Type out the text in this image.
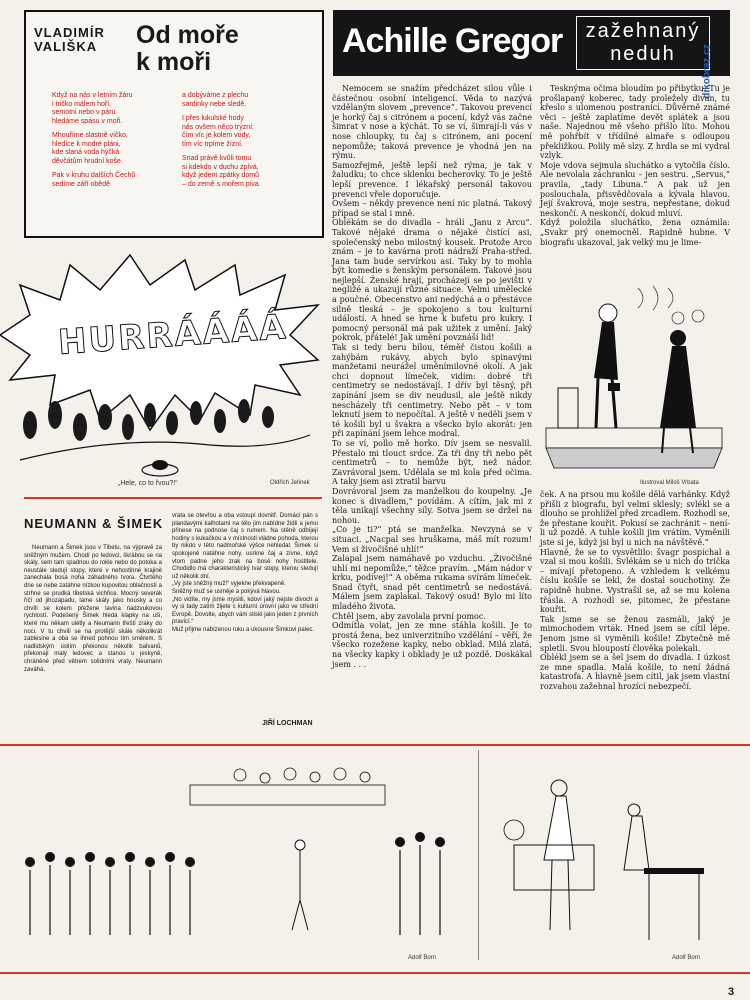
VLADIMÍR
VALIŠKA	Od moře
k moři

Když na nás v letním žáru
i tričko málem hoří,
semotni nebo v páru
hledáme spásu v moři.

Mhouříme slastně víčko,
hledíce k modré pláni,
kde slaná voda hýčká
děvčátům hrudní koše.

Pak v kruhu dalších Čechů
sedíme září obědě

a dobýváme z plechu
sardinky nebe sledě.

I přes lukulské hody
nás ovšem něco trýzní:
čím víc je kolem vody,
tím víc trpíme žízní.

Snad právě kvůli tomu
si kdekdo v duchu zpívá,
když jedem zpátky domů
– do země s mořem piva.

HURRÁÁÁÁ
„Hele, co to řvou?!“	Oldřich Jelínek
NEUMANN & ŠIMEK
Neumann a Šimek jsou v Tibetu, na výpravě za sněžným mužem. Chodí po ledovci, škrábou se na skály, sem tam spadnou do rokle nebo do potoka a neustále sledují stopy, které v nehostinné krajině zanechala bosá noha záhadného tvora. Čtvrtého dne se nebe zatáhne nízkou kupovitou oblačností a strhne se prudká tibetská vichřice. Mocný severák říčí od jihozápadu, láme skály jako housky a co chvíli se kolem přežene lavina nadzvukovou rychlostí. Podešený Šimek hledá klapky na uši, které mu někam ulétly a Neumann třeští zraky do noci. V tu chvíli se na protější skále několikrát zablesine a oba se ihned pohnou tím směrem. S nadlidským úsilím překonou několik balvanů, překonají malý ledovec a stanou u jeskyně, chráněné před větrem solidními vraty. Neumann zaváhá,
vrata se otevřou a oba vstoupí dovnitř. Domácí pán s plandavými kalhotami na tělo jim nabídne židli a jemu přinese na podnose čaj s rumem. Na stěně odbíjejí hodiny s kukačkou a v místnosti vládne pohoda, kterou by nikdo v této nadmořské výšce nehledal. Šimek si spokojeně natáhne nohy, usrkne čaj a zívne, když vtom padne jeho zrak na bosé nohy hostitele. Chodidlo má charakteristický tvar stopy, kterou sledují už několik dní.
„Vy jste sněžný muž!“ vyjekne překvapeně.
Sněžný muž se usměje a pokývá hlavou.
„No vidíte, my jsme myslili, kdoví jaký nejste divoch a vy si tady zatím žijete s kulturní úrovní jako ve střední Evropě. Dovolte, abych vám stiskl jako jeden z prvních pravicí.“
Muž přijme nabízenou ruku a ukousne Šimkovi palec.
JIŘÍ LOCHMAN
Achille Gregor	zažehnaný
neduh	dikobraz.cz
Nemocem se snažím předcházet silou vůle i částečnou osobní inteligencí. Věda to nazývá vzdělaným slovem „prevence“. Takovou prevencí je horký čaj s citrónem a pocení, když vás začne šimrat v nose a kýchát. To se ví, šimrají-li vás v nose chloupky, tu čaj s citrónem, ani pocení nepomůže; taková prevence je vhodná jen na rýmu.
Samozřejmě, ještě lepší než rýma, je tak v žaludku; to chce sklenku becherovky. To je ještě lepší prevence. I lékařský personál takovou prevenci vřele doporučuje.
Ovšem – někdy prevence není nic platná. Takový případ se stal i mně.
Oblékám se do divadla – hrálí „Janu z Arcu“. Takové nějaké drama o nějaké čistící asi, společenský nebo milostný kousek. Protože Arco znám – je to kavárna proti nádraží Praha-střed. Jana tam bude servírkou asi. Taky by to mohla být komedie s ženským personálem. Takové jsou nejlepší. Ženské hrají, procházejí se po jevišti v negližé a ukazují různé situace. Velmi umělecké a poučné. Obecenstvo ani nedýchá a o přestávce silně tleská – je spokojeno s tou kulturní událostí. A hned se hrne k bufetu pro kukry. I pomocný personál má pak užitek z umění. Jaký pokrok, přátelé! Jak umění povznáší lid!
Tak si tedy beru bílou, téměř čistou košili a zahýbám rukávy, abych bylo spinavými manžetami neurážel uměnímilovné okolí. A jak chci dopnout límeček, vidím: dobré tři centimetry se nedostávají. I dřív byl těsný, při zapínání jsem se div neudusil, ale ještě nikdy nescházely tři centimetry. Nebo pět – v tom leknutí jsem to nepočítal. A ještě v neděli jsem v té košili byl u švakra a všecko bylo akorát: jen při zapínání jsem lehce modral.
To se ví, pollo mě horko. Dív jsem se nesvalil. Přestalo mi tlouct srdce. Za tři dny tři nebo pět centimetrů – to nemůže být, než nádor. Zavrávoral jsem. Udělala se mi kola před očima. A taky jsem asi ztratil barvu
Dovrávoral jsem za manželkou do koupelny. „Je konec s divadlem,“ povídám. A cítím, jak mi z těla unikají všechny síly. Sotva jsem se držel na nohou.
„Co je ti?“ ptá se manželka. Nevzyná se v situaci. „Nacpal ses hruškama, máš mít rozum! Vem si živočišné uhlí!“
Zalapal jsem namáhavě po vzduchu. „Živočišné uhlí mi nepomůže,“ těžce pravím. „Mám nádor v krku, podívej!“ A oběma rukama svírám límeček. Snad čtyři, snad pět centimetrů se nedostává. Málem jsem zaplakal. Takový osud! Bylo mi líto mladého života.
Chtěl jsem, aby zavolala první pomoc.
Odmítla volat, jen ze mne stáhla košili. Je to prostá žena, bez univerzitního vzdělání – věří, že všecko rozežene kapky, nebo obklad. Milá zlatá, na všecky kapky i obklady je už pozdě. Doskákal jsem . . .
Tesknýma očima bloudím po přibytku. Tu je prošlapaný koberec, tady proležely divan, tu křeslo s ulomenou postranicí. Důvěrně známé věci – ještě zaplatíme devět splátek a jsou naše. Najednou mě všeho přišlo líto. Mohou mě pohřbít v třídílné almaře s odloupou překližkou. Polily mě slzy. Z hrdla se mi vydral vzlyk.
Moje vdova sejmula sluchátko a vytočila číslo. Ale nevolala záchranku – jen sestru. „Servus,“ pravila, „tady Libuna.“ A pak už jen poslouchala, přisvědčovala a kývala hlavou. Její švakrová, moje sestra, nepřestane, dokud neskončí. A neskončí, dokud mluví.
Když položila sluchátko, žena oznámila: „Svakr prý onemocněl. Rapidně hubne. V biografu ukazoval, jak velký mu je lime-
Ilustroval Miloš Vrbata
ček. A na prsou mu košile dělá varhánky. Když přišli z biografu, byl velmi sklesly; svlékl se a dlouho se prohlížel před zrcadlem. Rozhodl se, že přestane kouřit. Pokusí se zachránit – není-li už pozdě. A tuhle košili jim vrátím. Vyměnili jste si je, když jsi byl u nich na návštěvě.“
Hlavně, že se to vysvětlilo: švagr pospíchal a vzal si mou košili. Svlékám se u nich do trička – mívají přetopeno. A vzhledem k velkému číslu košile se lekl, že dostal souchotiny. Že rapidně hubne. Vystrašil se, až se mu kolena třásla. A rozhodl se, pitomec, že přestane kouřit.
Tak jsme se se ženou zasmáli, jaký je mimochodem vrták. Hned jsem se cítil lépe. Jenom jsme si vyměnili košile! Zbytečně mě spletli. Svou hloupostí člověka polekali.
Oblékl jsem se a šel jsem do divadla. I úzkost ze mne spadla. Malá košile, to není žádná katastrofa. A hlavně jsem cítil, jak jsem vlastní rozvahou zažehnal hrozící nebezpečí.
Adolf Born	Adolf Born
3
